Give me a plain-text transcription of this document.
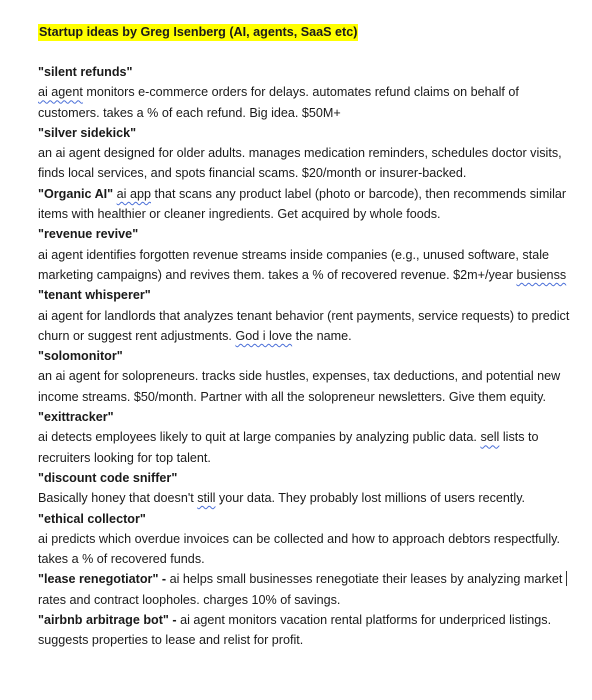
Startup ideas by Greg Isenberg (AI, agents, SaaS etc)
"silent refunds"
ai agent monitors e-commerce orders for delays. automates refund claims on behalf of
customers. takes a % of each refund. Big idea. $50M+
"silver sidekick"
an ai agent designed for older adults. manages medication reminders, schedules doctor visits,
finds local services, and spots financial scams. $20/month or insurer-backed.
"Organic AI" ai app that scans any product label (photo or barcode), then recommends similar
items with healthier or cleaner ingredients. Get acquired by whole foods.
"revenue revive"
ai agent identifies forgotten revenue streams inside companies (e.g., unused software, stale
marketing campaigns) and revives them. takes a % of recovered revenue. $2m+/year busienss
"tenant whisperer"
ai agent for landlords that analyzes tenant behavior (rent payments, service requests) to predict
churn or suggest rent adjustments. God i love the name.
"solomonitor"
an ai agent for solopreneurs. tracks side hustles, expenses, tax deductions, and potential new
income streams. $50/month. Partner with all the solopreneur newsletters. Give them equity.
"exittracker"
ai detects employees likely to quit at large companies by analyzing public data. sell lists to
recruiters looking for top talent.
"discount code sniffer"
Basically honey that doesn't still your data. They probably lost millions of users recently.
"ethical collector"
ai predicts which overdue invoices can be collected and how to approach debtors respectfully.
takes a % of recovered funds.
"lease renegotiator" - ai helps small businesses renegotiate their leases by analyzing market
rates and contract loopholes. charges 10% of savings.
"airbnb arbitrage bot" - ai agent monitors vacation rental platforms for underpriced listings.
suggests properties to lease and relist for profit.
